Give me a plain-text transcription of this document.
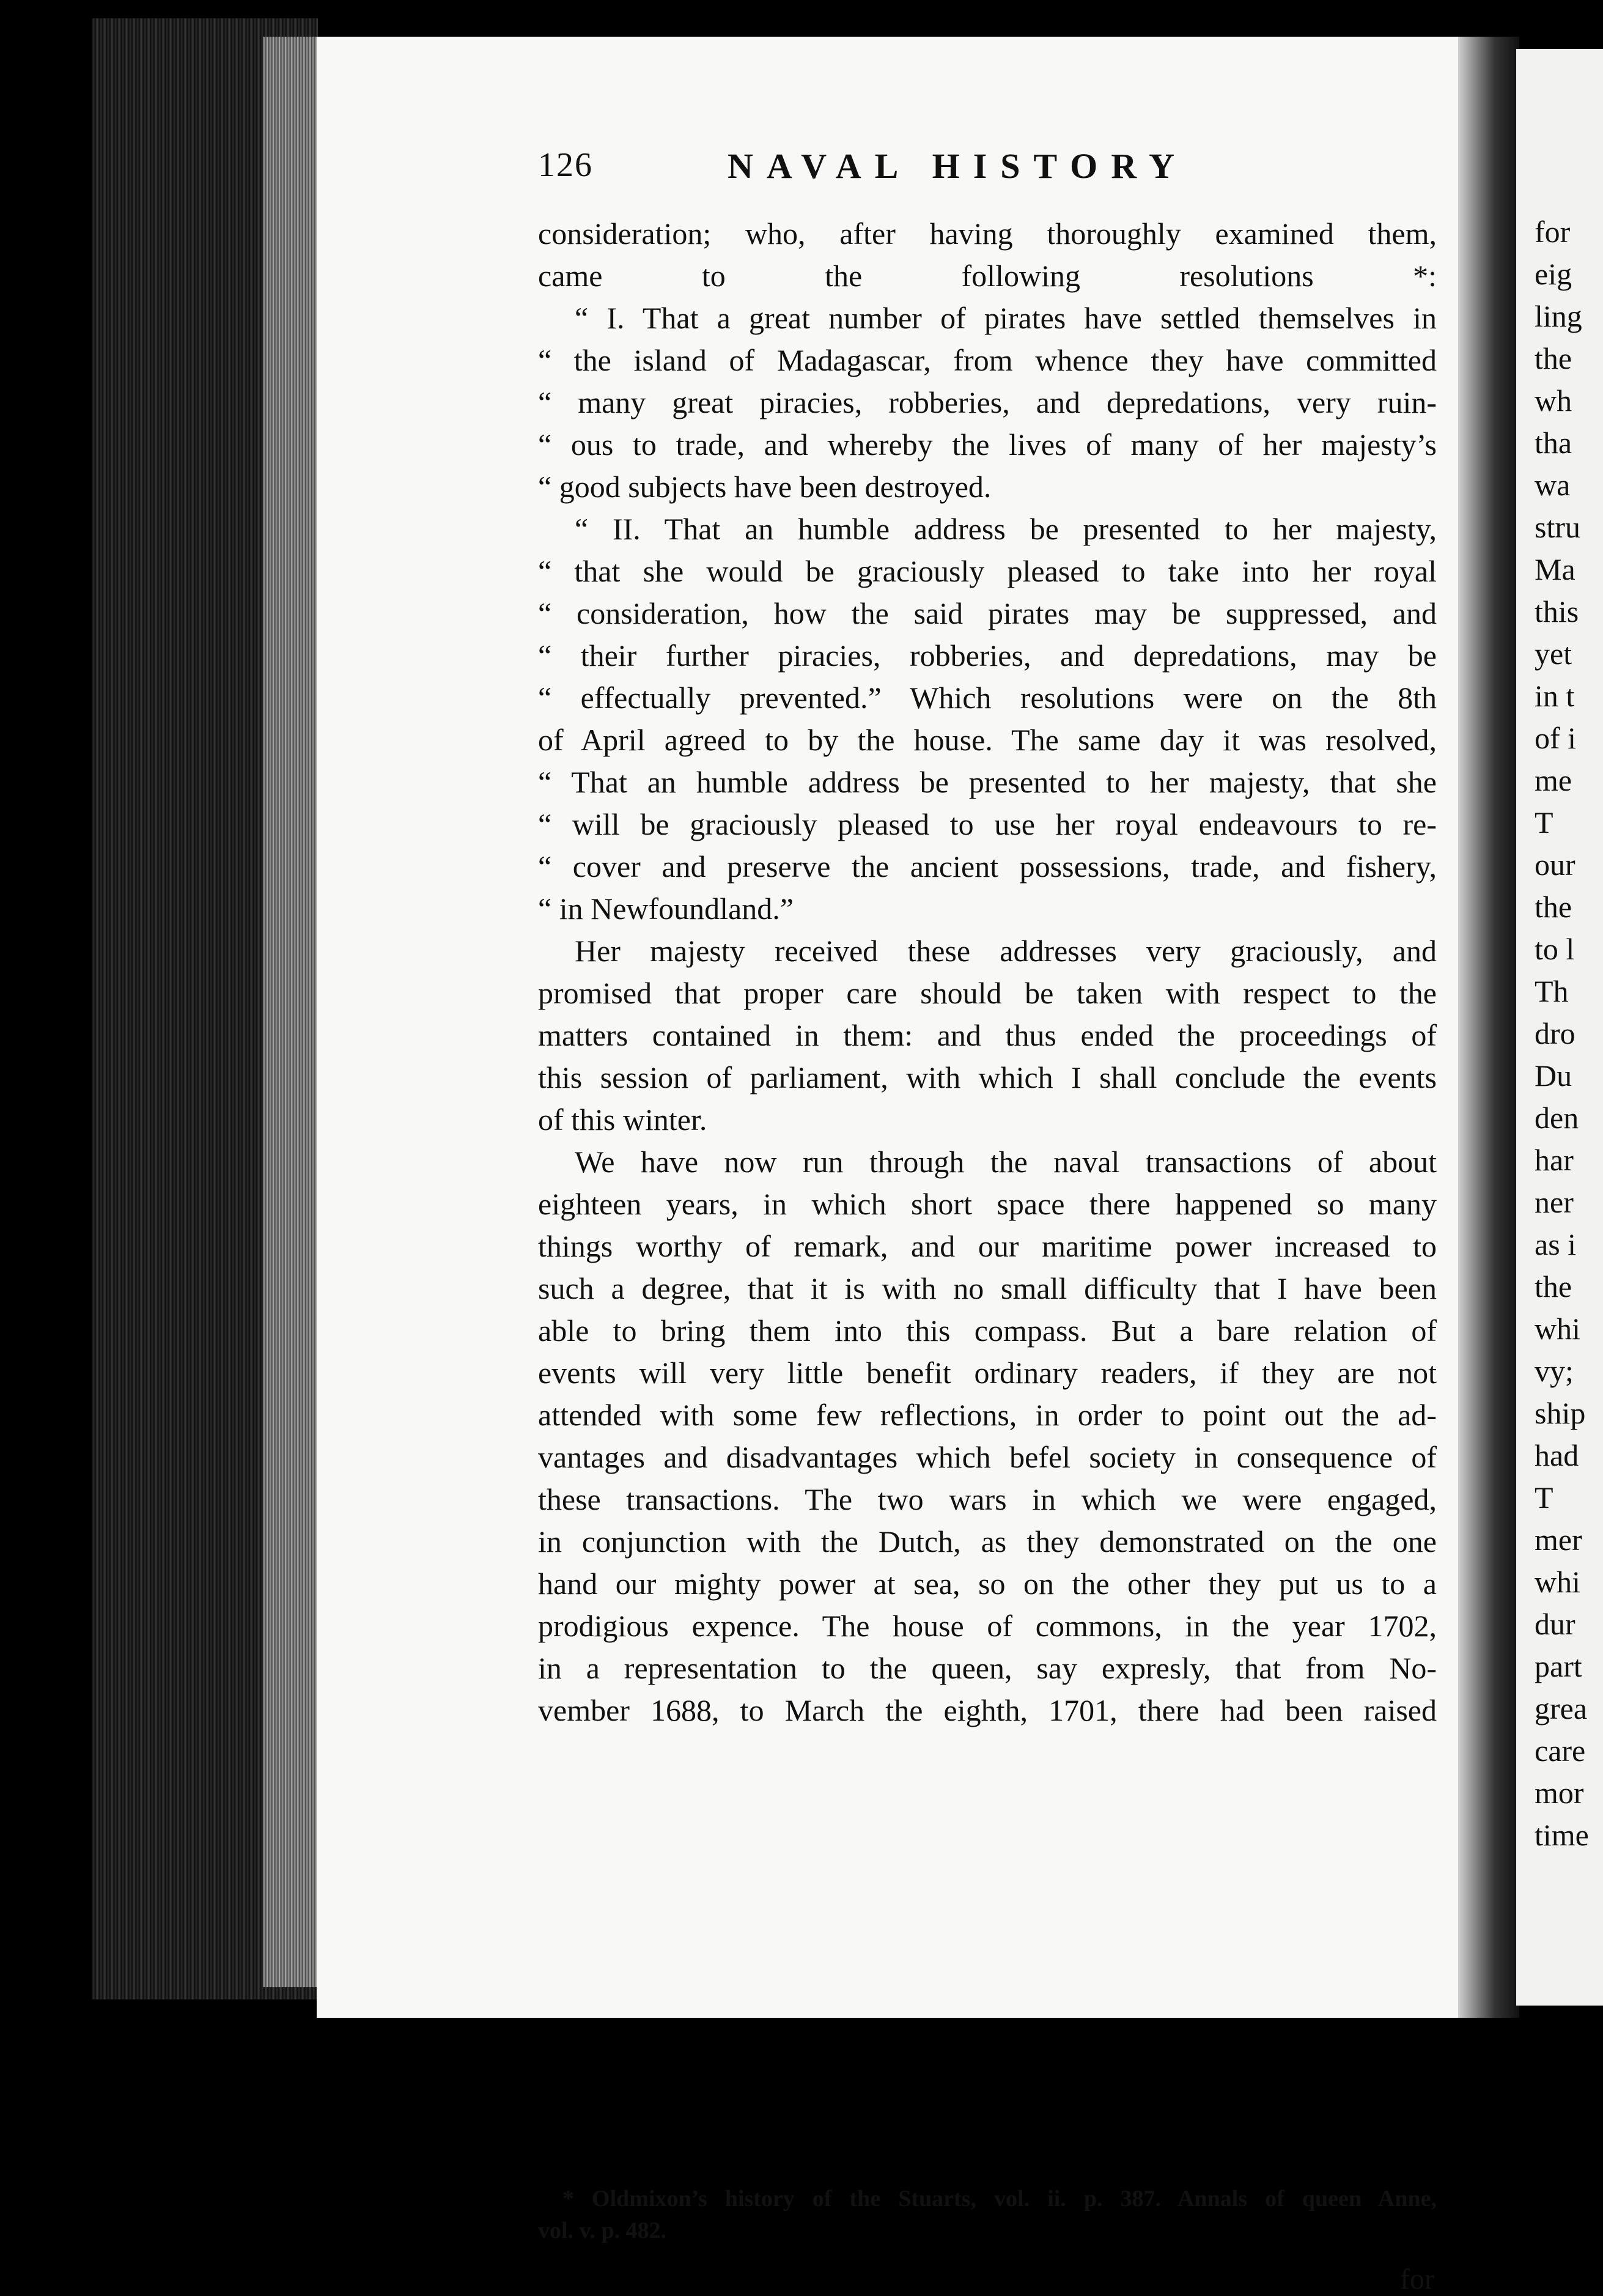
for
eig
ling
the
wh
tha
wa
stru
Ma
this
yet
in t
of i
me
T
our
the
to l
Th
dro
Du
den
har
ner
as i
the
whi
vy;
ship
had
T
mer
whi
dur
part
grea
care
mor
time
126	NAVAL HISTORY
consideration; who, after having thoroughly examined them,
came to the following resolutions *:
“ I. That a great number of pirates have settled themselves in
“ the island of Madagascar, from whence they have committed
“ many great piracies, robberies, and depredations, very ruin-
“ ous to trade, and whereby the lives of many of her majesty’s
“ good subjects have been destroyed.
“ II. That an humble address be presented to her majesty,
“ that she would be graciously pleased to take into her royal
“ consideration, how the said pirates may be suppressed, and
“ their further piracies, robberies, and depredations, may be
“ effectually prevented.” Which resolutions were on the 8th
of April agreed to by the house. The same day it was resolved,
“ That an humble address be presented to her majesty, that she
“ will be graciously pleased to use her royal endeavours to re-
“ cover and preserve the ancient possessions, trade, and fishery,
“ in Newfoundland.”
Her majesty received these addresses very graciously, and
promised that proper care should be taken with respect to the
matters contained in them: and thus ended the proceedings of
this session of parliament, with which I shall conclude the events
of this winter.
We have now run through the naval transactions of about
eighteen years, in which short space there happened so many
things worthy of remark, and our maritime power increased to
such a degree, that it is with no small difficulty that I have been
able to bring them into this compass. But a bare relation of
events will very little benefit ordinary readers, if they are not
attended with some few reflections, in order to point out the ad-
vantages and disadvantages which befel society in consequence of
these transactions. The two wars in which we were engaged,
in conjunction with the Dutch, as they demonstrated on the one
hand our mighty power at sea, so on the other they put us to a
prodigious expence. The house of commons, in the year 1702,
in a representation to the queen, say expresly, that from No-
vember 1688, to March the eighth, 1701, there had been raised
* Oldmixon’s history of the Stuarts, vol. ii. p. 387. Annals of queen Anne,
vol. v. p. 482.
for
